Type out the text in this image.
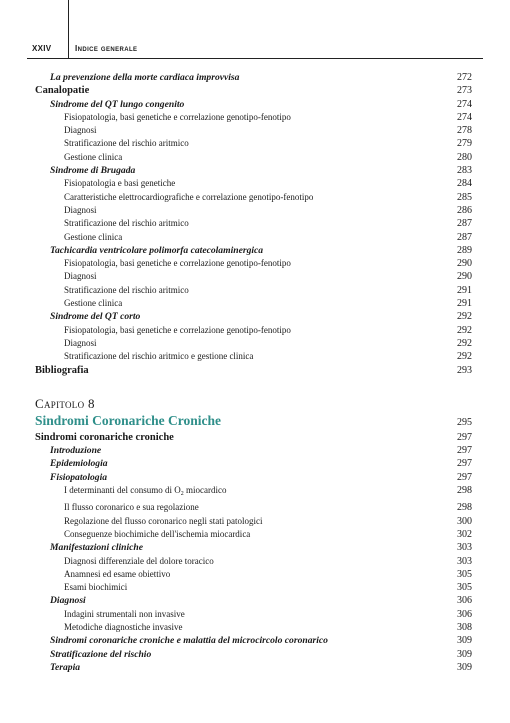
XXIV	Indice generale
La prevenzione della morte cardiaca improvvisa	272
Canalopatie	273
Sindrome del QT lungo congenito	274
Fisiopatologia, basi genetiche e correlazione genotipo-fenotipo	274
Diagnosi	278
Stratificazione del rischio aritmico	279
Gestione clinica	280
Sindrome di Brugada	283
Fisiopatologia e basi genetiche	284
Caratteristiche elettrocardiografiche e correlazione genotipo-fenotipo	285
Diagnosi	286
Stratificazione del rischio aritmico	287
Gestione clinica	287
Tachicardia ventricolare polimorfa catecolaminergica	289
Fisiopatologia, basi genetiche e correlazione genotipo-fenotipo	290
Diagnosi	290
Stratificazione del rischio aritmico	291
Gestione clinica	291
Sindrome del QT corto	292
Fisiopatologia, basi genetiche e correlazione genotipo-fenotipo	292
Diagnosi	292
Stratificazione del rischio aritmico e gestione clinica	292
Bibliografia	293
Capitolo 8
Sindromi Coronariche Croniche	295
Sindromi coronariche croniche	297
Introduzione	297
Epidemiologia	297
Fisiopatologia	297
I determinanti del consumo di $O_2$ miocardico	298
Il flusso coronarico e sua regolazione	298
Regolazione del flusso coronarico negli stati patologici	300
Conseguenze biochimiche dell'ischemia miocardica	302
Manifestazioni cliniche	303
Diagnosi differenziale del dolore toracico	303
Anamnesi ed esame obiettivo	305
Esami biochimici	305
Diagnosi	306
Indagini strumentali non invasive	306
Metodiche diagnostiche invasive	308
Sindromi coronariche croniche e malattia del microcircolo coronarico	309
Stratificazione del rischio	309
Terapia	309
